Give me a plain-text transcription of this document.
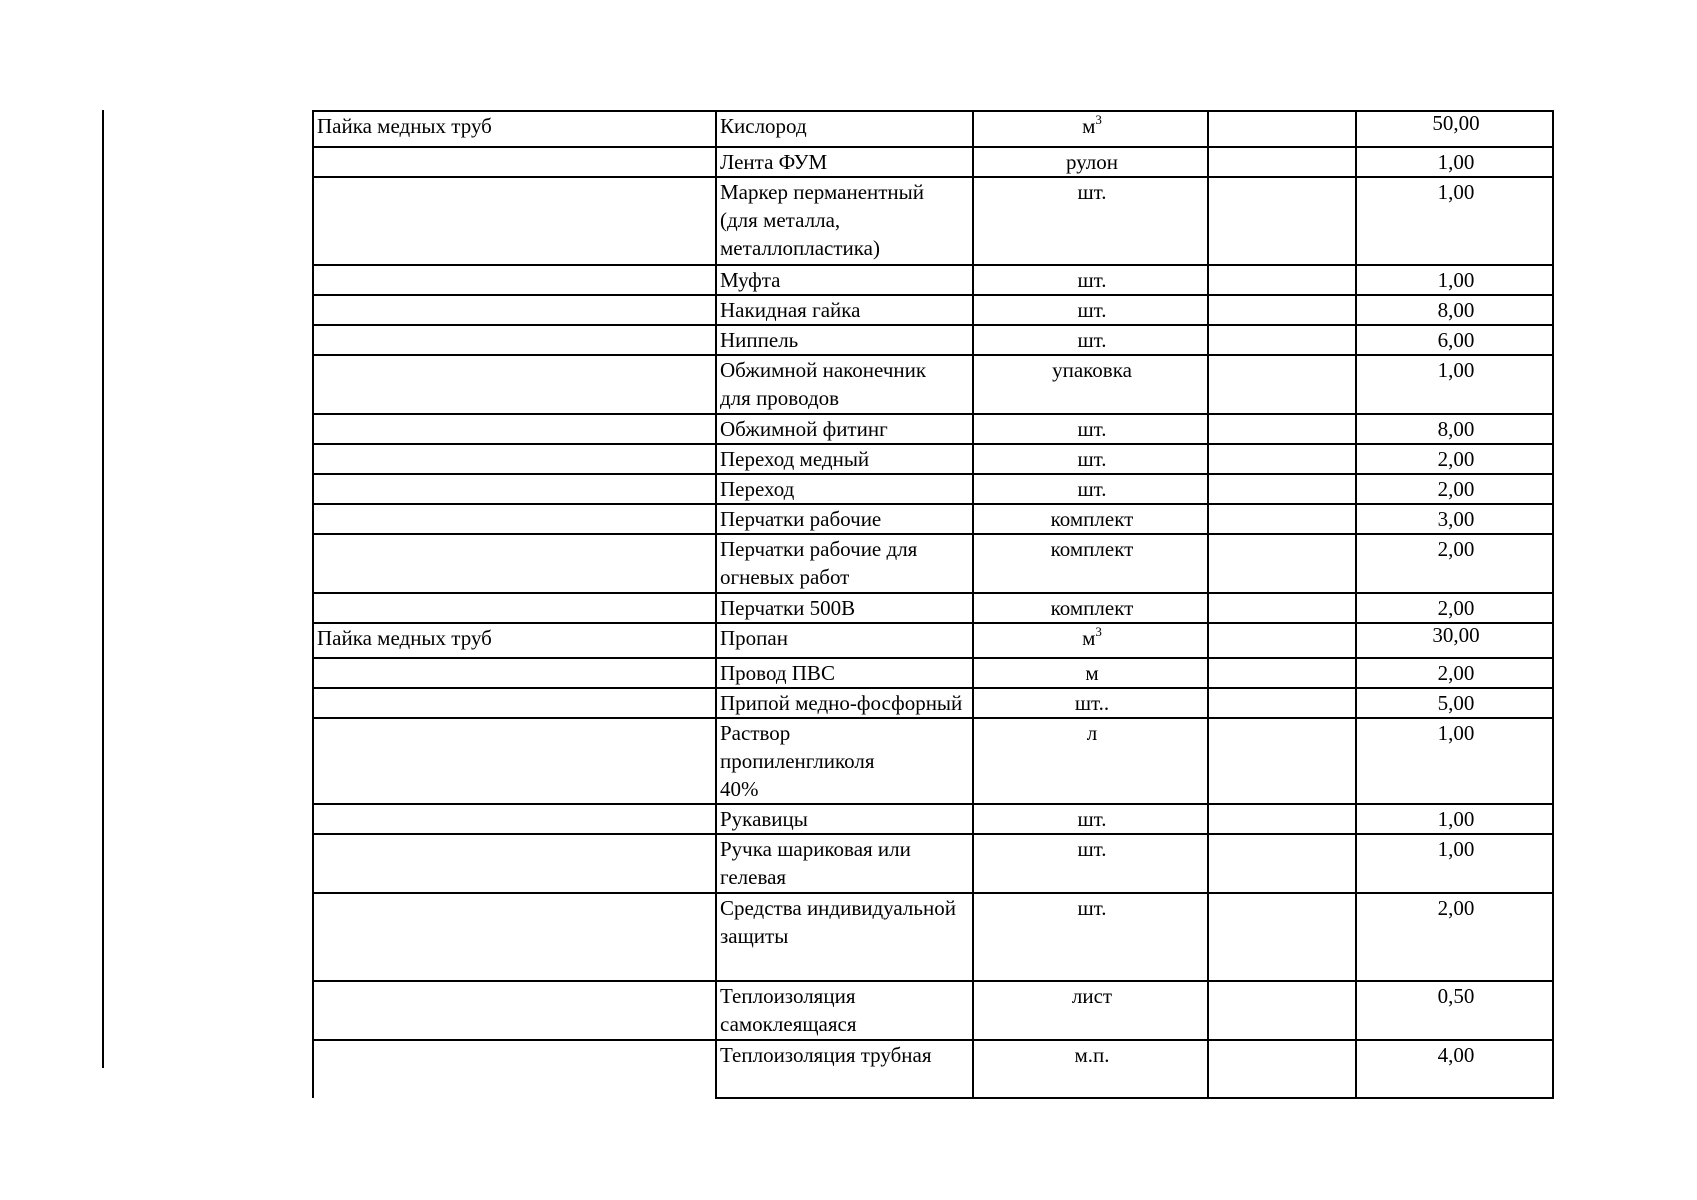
Пайка медных труб	Кислород	$м^3$		50,00
	Лента ФУМ	рулон		1,00

	Маркер перманентный (для металла, металлопластика)	шт.		1,00
	Муфта	шт.		1,00
	Накидная гайка	шт.		8,00
	Ниппель	шт.		6,00

	Обжимной наконечник для проводов	упаковка		1,00
	Обжимной фитинг	шт.		8,00
	Переход медный	шт.		2,00
	Переход	шт.		2,00
	Перчатки рабочие	комплект		3,00

	Перчатки рабочие для огневых работ	комплект		2,00
	Перчатки 500В	комплект		2,00
Пайка медных труб	Пропан	$м^3$		30,00
	Провод ПВС	м		2,00
	Припой медно-фосфорный	шт..		5,00

	Раствор пропиленгликоля 40%	л		1,00
	Рукавицы	шт.		1,00

	Ручка шариковая или гелевая	шт.		1,00

	Средства индивидуальной защиты	шт.		2,00

	Теплоизоляция самоклеящаяся	лист		0,50
	Теплоизоляция трубная	м.п.		4,00
